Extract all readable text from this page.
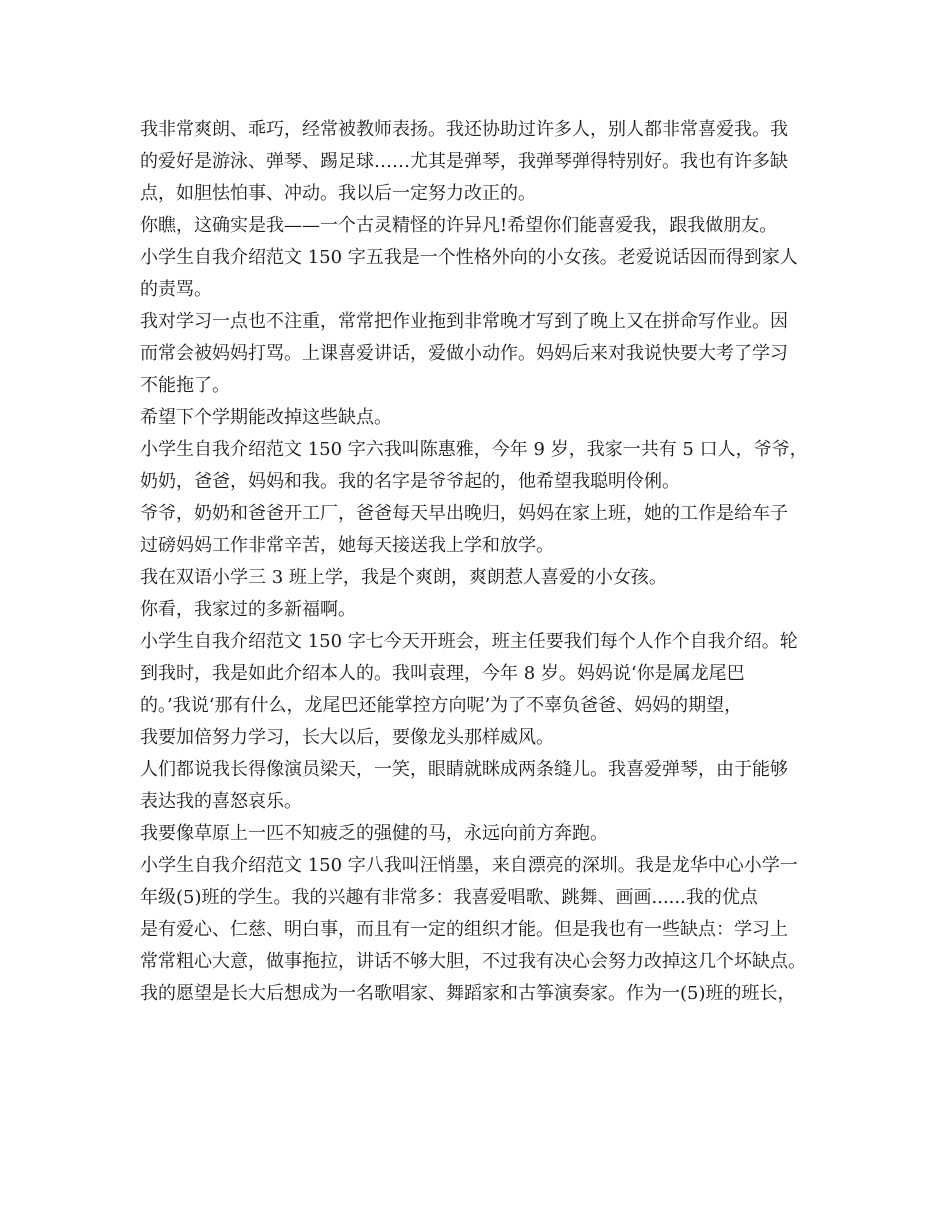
我非常爽朗、乖巧，经常被教师表扬。我还协助过许多人，别人都非常喜爱我。我
的爱好是游泳、弹琴、踢足球……尤其是弹琴，我弹琴弹得特别好。我也有许多缺
点，如胆怯怕事、冲动。我以后一定努力改正的。
你瞧，这确实是我——一个古灵精怪的许异凡!希望你们能喜爱我，跟我做朋友。
小学生自我介绍范文 150 字五我是一个性格外向的小女孩。老爱说话因而得到家人
的责骂。
我对学习一点也不注重，常常把作业拖到非常晚才写到了晚上又在拼命写作业。因
而常会被妈妈打骂。上课喜爱讲话，爱做小动作。妈妈后来对我说快要大考了学习
不能拖了。
希望下个学期能改掉这些缺点。
小学生自我介绍范文 150 字六我叫陈惠雅，今年 9 岁，我家一共有 5 口人，爷爷，
奶奶，爸爸，妈妈和我。我的名字是爷爷起的，他希望我聪明伶俐。
爷爷，奶奶和爸爸开工厂，爸爸每天早出晚归，妈妈在家上班，她的工作是给车子
过磅妈妈工作非常辛苦，她每天接送我上学和放学。
我在双语小学三 3 班上学，我是个爽朗，爽朗惹人喜爱的小女孩。
你看，我家过的多新福啊。
小学生自我介绍范文 150 字七今天开班会，班主任要我们每个人作个自我介绍。轮
到我时，我是如此介绍本人的。我叫袁理，今年 8 岁。妈妈说‘你是属龙尾巴
的。’我说‘那有什么，龙尾巴还能掌控方向呢’为了不辜负爸爸、妈妈的期望，
我要加倍努力学习，长大以后，要像龙头那样威风。
人们都说我长得像演员梁天，一笑，眼睛就眯成两条缝儿。我喜爱弹琴，由于能够
表达我的喜怒哀乐。
我要像草原上一匹不知疲乏的强健的马，永远向前方奔跑。
小学生自我介绍范文 150 字八我叫汪悄墨，来自漂亮的深圳。我是龙华中心小学一
年级(5)班的学生。我的兴趣有非常多：我喜爱唱歌、跳舞、画画......我的优点
是有爱心、仁慈、明白事，而且有一定的组织才能。但是我也有一些缺点：学习上
常常粗心大意，做事拖拉，讲话不够大胆，不过我有决心会努力改掉这几个坏缺点。
我的愿望是长大后想成为一名歌唱家、舞蹈家和古筝演奏家。作为一(5)班的班长，
